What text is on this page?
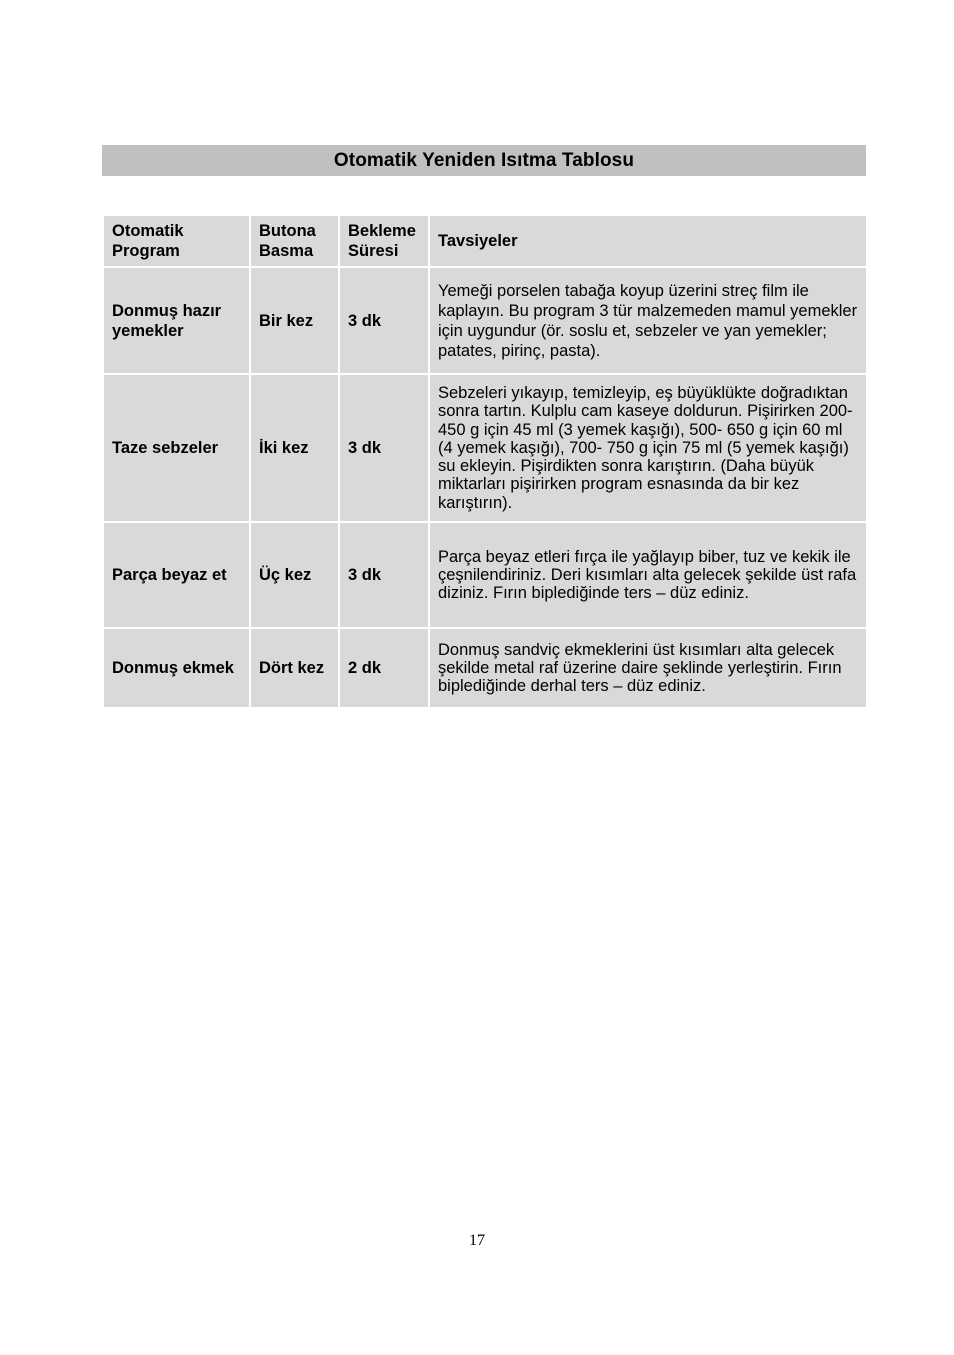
Otomatik Yeniden Isıtma Tablosu
Otomatik Program	Butona Basma	Bekleme Süresi	Tavsiyeler
Donmuş hazır yemekler	Bir kez	3 dk	Yemeği porselen tabağa koyup üzerini streç film ile kaplayın. Bu program 3 tür malzemeden mamul yemekler için uygundur (ör. soslu et, sebzeler ve yan yemekler; patates, pirinç, pasta).
Taze sebzeler	İki kez	3 dk	Sebzeleri yıkayıp, temizleyip, eş büyüklükte doğradıktan sonra tartın. Kulplu cam kaseye doldurun. Pişirirken 200- 450 g için 45 ml (3 yemek kaşığı), 500- 650 g için 60 ml (4 yemek kaşığı), 700- 750 g için 75 ml (5 yemek kaşığı) su ekleyin. Pişirdikten sonra karıştırın. (Daha büyük miktarları pişirirken program esnasında da bir kez karıştırın).
Parça beyaz et	Üç kez	3 dk	Parça beyaz etleri fırça ile yağlayıp biber, tuz ve kekik ile çeşnilendiriniz. Deri kısımları alta gelecek şekilde üst rafa diziniz. Fırın biplediğinde ters – düz ediniz.
Donmuş ekmek	Dört kez	2 dk	Donmuş sandviç ekmeklerini üst kısımları alta gelecek şekilde metal raf üzerine daire şeklinde yerleştirin. Fırın biplediğinde derhal ters – düz ediniz.
17
